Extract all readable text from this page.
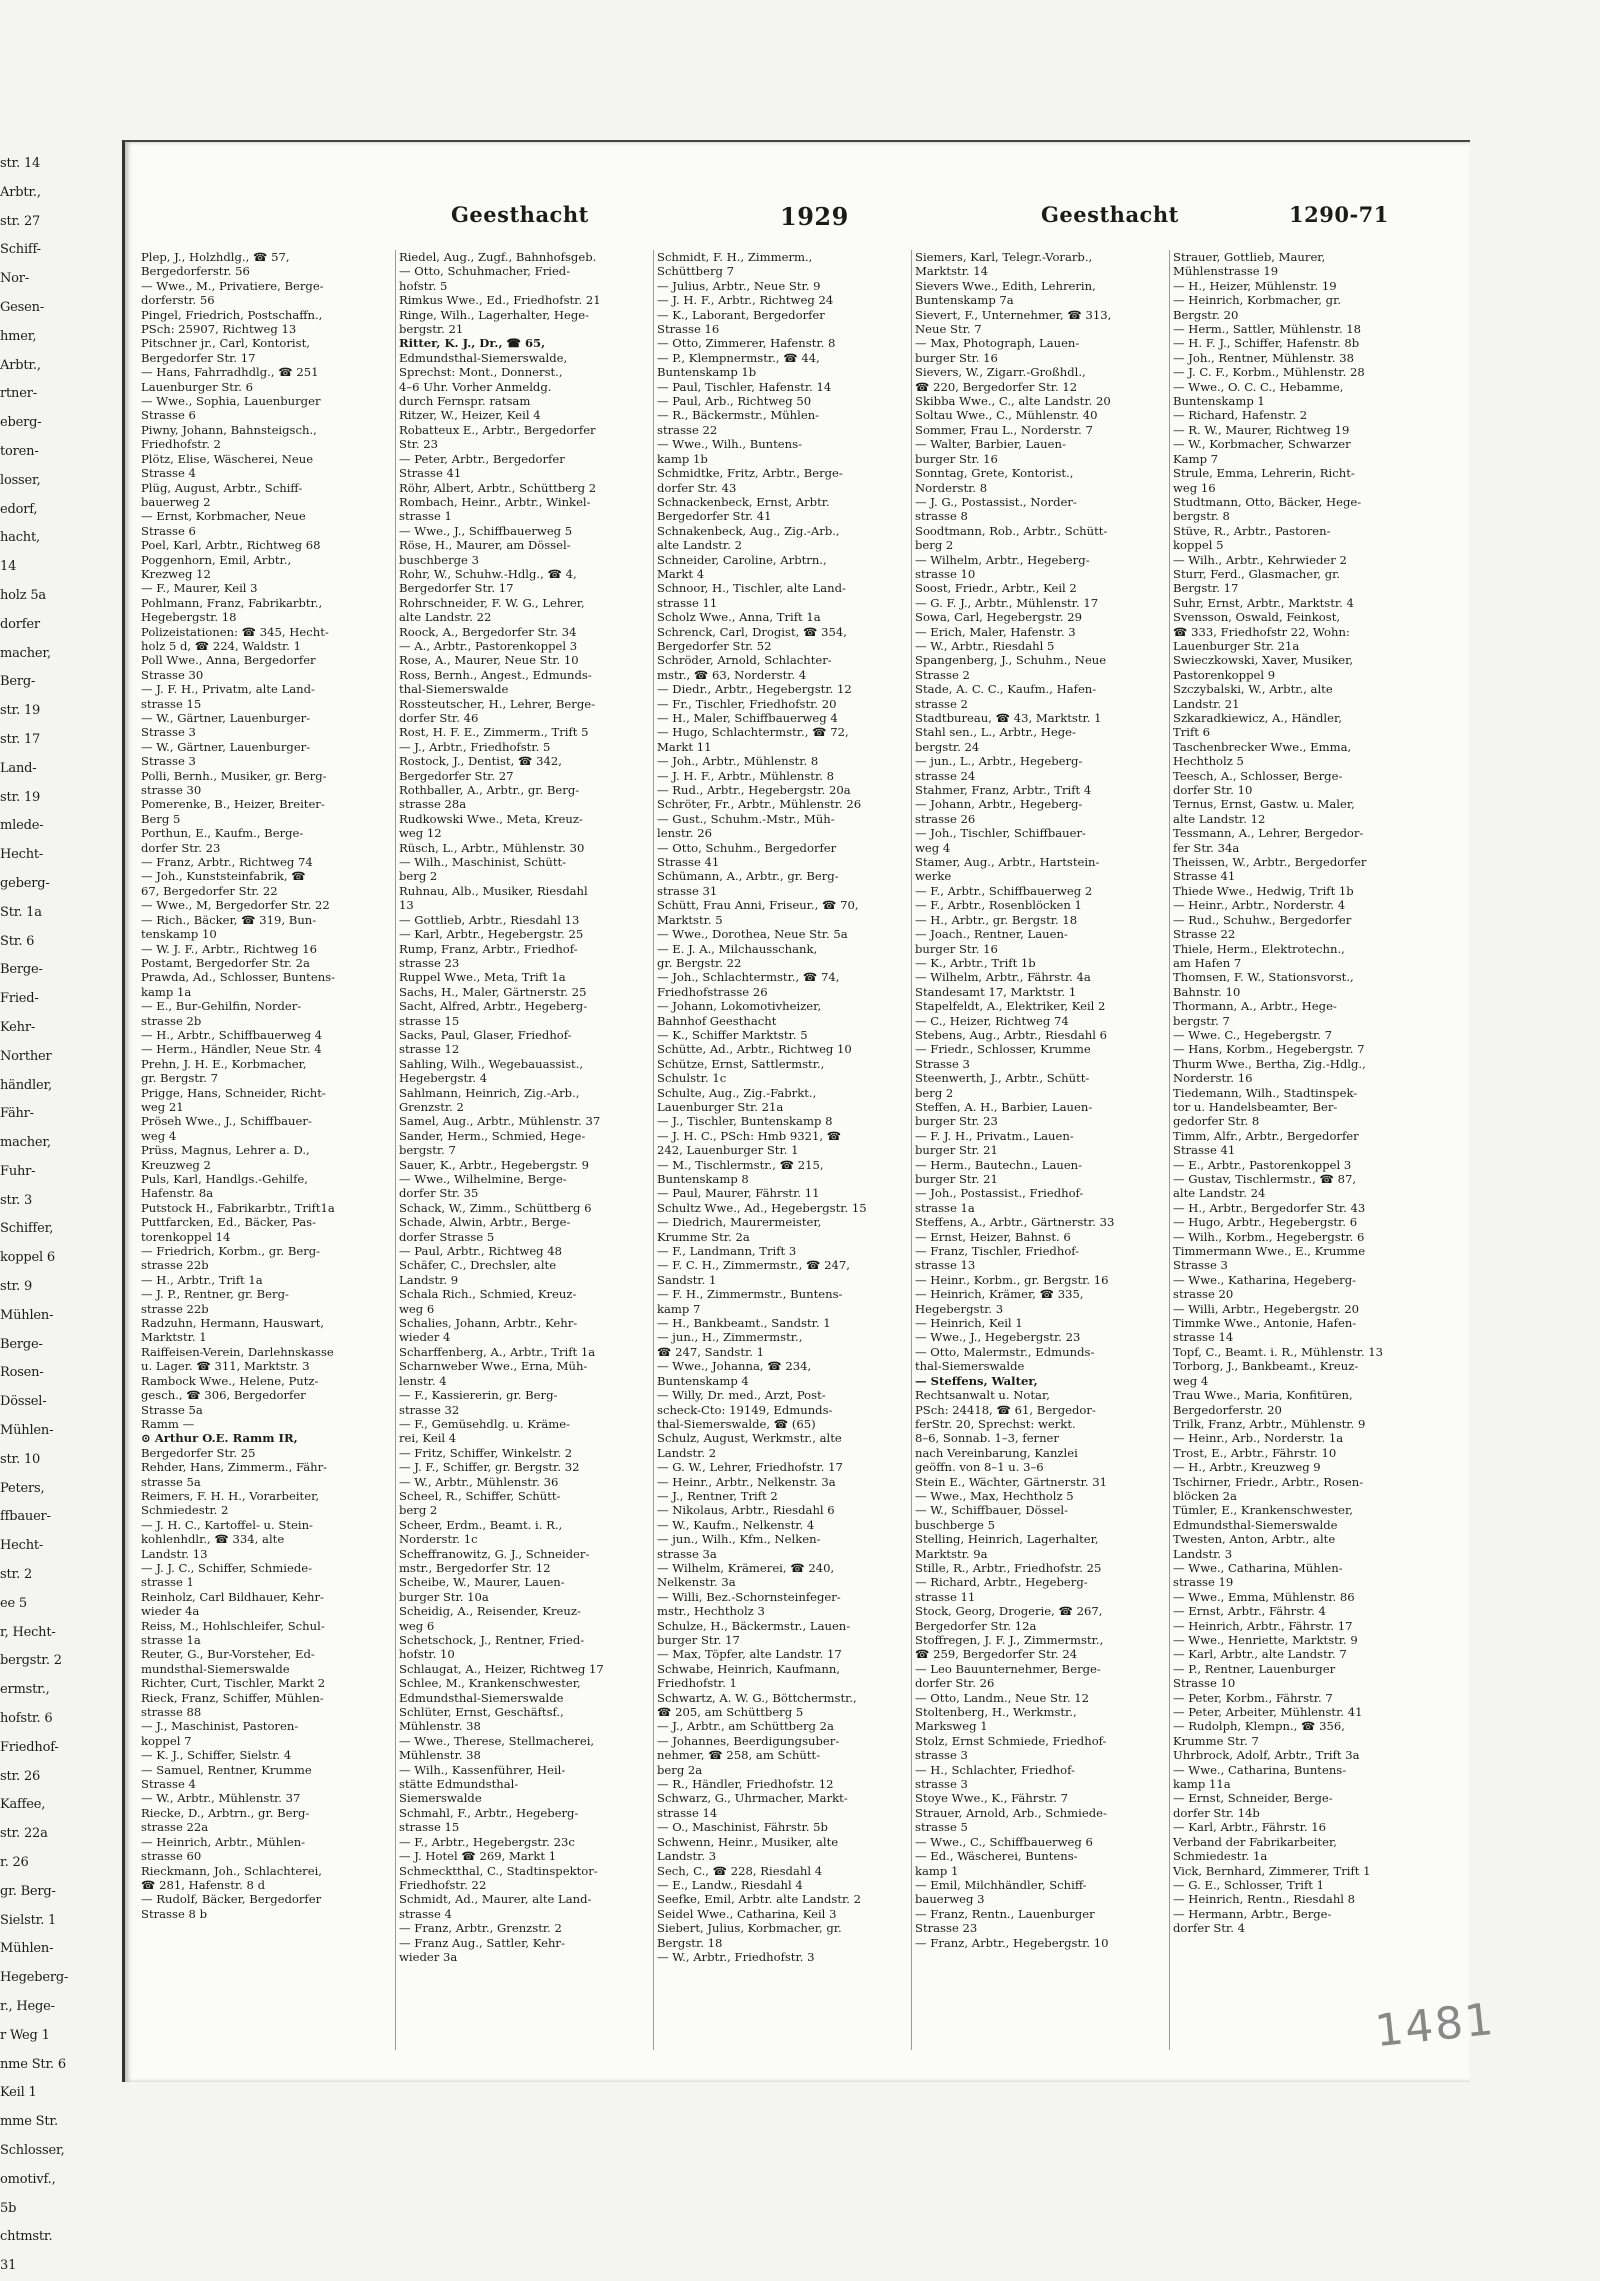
str. 14
Arbtr.,
str. 27
Schiff-
Nor-
Gesen-
hmer,
Arbtr.,
rtner-
eberg-
toren-
losser,
edorf,
hacht,
14
holz 5a
dorfer
macher,
Berg-
str. 19
str. 17
Land-
str. 19
mlede-
Hecht-
geberg-
Str. 1a
Str. 6
Berge-
Fried-
Kehr-
Norther
händler,
Fähr-
macher,
Fuhr-
str. 3
Schiffer,
koppel 6
str. 9
Mühlen-
Berge-
Rosen-
Dössel-
Mühlen-
str. 10
Peters,
ffbauer-
Hecht-
str. 2
ee 5
r, Hecht-
bergstr. 2
ermstr.,
hofstr. 6
Friedhof-
str. 26
Kaffee,
str. 22a
r. 26
gr. Berg-
Sielstr. 1
Mühlen-
Hegeberg-
r., Hege-
r Weg 1
nme Str. 6
Keil 1
mme Str.
Schlosser,
omotivf.,
5b
chtmstr.
31
Geesthacht	1929	Geesthacht	1290-71
Plep, J., Holzhdlg., ☎ 57,
Bergedorferstr. 56
— Wwe., M., Privatiere, Berge-
dorferstr. 56
Pingel, Friedrich, Postschaffn.,
PSch: 25907, Richtweg 13
Pitschner jr., Carl, Kontorist,
Bergedorfer Str. 17
— Hans, Fahrradhdlg., ☎ 251
Lauenburger Str. 6
— Wwe., Sophia, Lauenburger
Strasse 6
Piwny, Johann, Bahnsteigsch.,
Friedhofstr. 2
Plötz, Elise, Wäscherei, Neue
Strasse 4
Plüg, August, Arbtr., Schiff-
bauerweg 2
— Ernst, Korbmacher, Neue
Strasse 6
Poel, Karl, Arbtr., Richtweg 68
Poggenhorn, Emil, Arbtr.,
Krezweg 12
— F., Maurer, Keil 3
Pohlmann, Franz, Fabrikarbtr.,
Hegebergstr. 18
Polizeistationen: ☎ 345, Hecht-
holz 5 d, ☎ 224, Waldstr. 1
Poll Wwe., Anna, Bergedorfer
Strasse 30
— J. F. H., Privatm, alte Land-
strasse 15
— W., Gärtner, Lauenburger-
Strasse 3
— W., Gärtner, Lauenburger-
Strasse 3
Polli, Bernh., Musiker, gr. Berg-
strasse 30
Pomerenke, B., Heizer, Breiter-
Berg 5
Porthun, E., Kaufm., Berge-
dorfer Str. 23
— Franz, Arbtr., Richtweg 74
— Joh., Kunststeinfabrik, ☎
67, Bergedorfer Str. 22
— Wwe., M, Bergedorfer Str. 22
— Rich., Bäcker, ☎ 319, Bun-
tenskamp 10
— W. J. F., Arbtr., Richtweg 16
Postamt, Bergedorfer Str. 2a
Prawda, Ad., Schlosser, Buntens-
kamp 1a
— E., Bur-Gehilfin, Norder-
strasse 2b
— H., Arbtr., Schiffbauerweg 4
— Herm., Händler, Neue Str. 4
Prehn, J. H. E., Korbmacher,
gr. Bergstr. 7
Prigge, Hans, Schneider, Richt-
weg 21
Pröseh Wwe., J., Schiffbauer-
weg 4
Prüss, Magnus, Lehrer a. D.,
Kreuzweg 2
Puls, Karl, Handlgs.-Gehilfe,
Hafenstr. 8a
Putstock H., Fabrikarbtr., Trift1a
Puttfarcken, Ed., Bäcker, Pas-
torenkoppel 14
— Friedrich, Korbm., gr. Berg-
strasse 22b
— H., Arbtr., Trift 1a
— J. P., Rentner, gr. Berg-
strasse 22b
Radzuhn, Hermann, Hauswart,
Marktstr. 1
Raiffeisen-Verein, Darlehnskasse
u. Lager. ☎ 311, Marktstr. 3
Rambock Wwe., Helene, Putz-
gesch., ☎ 306, Bergedorfer
Strasse 5a
Ramm —
⊙ Arthur O.E. Ramm IR,
Bergedorfer Str. 25
Rehder, Hans, Zimmerm., Fähr-
strasse 5a
Reimers, F. H. H., Vorarbeiter,
Schmiedestr. 2
— J. H. C., Kartoffel- u. Stein-
kohlenhdlr., ☎ 334, alte
Landstr. 13
— J. J. C., Schiffer, Schmiede-
strasse 1
Reinholz, Carl Bildhauer, Kehr-
wieder 4a
Reiss, M., Hohlschleifer, Schul-
strasse 1a
Reuter, G., Bur-Vorsteher, Ed-
mundsthal-Siemerswalde
Richter, Curt, Tischler, Markt 2
Rieck, Franz, Schiffer, Mühlen-
strasse 88
— J., Maschinist, Pastoren-
koppel 7
— K. J., Schiffer, Sielstr. 4
— Samuel, Rentner, Krumme
Strasse 4
— W., Arbtr., Mühlenstr. 37
Riecke, D., Arbtrn., gr. Berg-
strasse 22a
— Heinrich, Arbtr., Mühlen-
strasse 60
Rieckmann, Joh., Schlachterei,
☎ 281, Hafenstr. 8 d
— Rudolf, Bäcker, Bergedorfer
Strasse 8 b
Riedel, Aug., Zugf., Bahnhofsgeb.
— Otto, Schuhmacher, Fried-
hofstr. 5
Rimkus Wwe., Ed., Friedhofstr. 21
Ringe, Wilh., Lagerhalter, Hege-
bergstr. 21
Ritter, K. J., Dr., ☎ 65,
Edmundsthal-Siemerswalde,
Sprechst: Mont., Donnerst.,
4–6 Uhr. Vorher Anmeldg.
durch Fernspr. ratsam
Ritzer, W., Heizer, Keil 4
Robatteux E., Arbtr., Bergedorfer
Str. 23
— Peter, Arbtr., Bergedorfer
Strasse 41
Röhr, Albert, Arbtr., Schüttberg 2
Rombach, Heinr., Arbtr., Winkel-
strasse 1
— Wwe., J., Schiffbauerweg 5
Röse, H., Maurer, am Dössel-
buschberge 3
Rohr, W., Schuhw.-Hdlg., ☎ 4,
Bergedorfer Str. 17
Rohrschneider, F. W. G., Lehrer,
alte Landstr. 22
Roock, A., Bergedorfer Str. 34
— A., Arbtr., Pastorenkoppel 3
Rose, A., Maurer, Neue Str. 10
Ross, Bernh., Angest., Edmunds-
thal-Siemerswalde
Rossteutscher, H., Lehrer, Berge-
dorfer Str. 46
Rost, H. F. E., Zimmerm., Trift 5
— J., Arbtr., Friedhofstr. 5
Rostock, J., Dentist, ☎ 342,
Bergedorfer Str. 27
Rothballer, A., Arbtr., gr. Berg-
strasse 28a
Rudkowski Wwe., Meta, Kreuz-
weg 12
Rüsch, L., Arbtr., Mühlenstr. 30
— Wilh., Maschinist, Schütt-
berg 2
Ruhnau, Alb., Musiker, Riesdahl
13
— Gottlieb, Arbtr., Riesdahl 13
— Karl, Arbtr., Hegebergstr. 25
Rump, Franz, Arbtr., Friedhof-
strasse 23
Ruppel Wwe., Meta, Trift 1a
Sachs, H., Maler, Gärtnerstr. 25
Sacht, Alfred, Arbtr., Hegeberg-
strasse 15
Sacks, Paul, Glaser, Friedhof-
strasse 12
Sahling, Wilh., Wegebauassist.,
Hegebergstr. 4
Sahlmann, Heinrich, Zig.-Arb.,
Grenzstr. 2
Samel, Aug., Arbtr., Mühlenstr. 37
Sander, Herm., Schmied, Hege-
bergstr. 7
Sauer, K., Arbtr., Hegebergstr. 9
— Wwe., Wilhelmine, Berge-
dorfer Str. 35
Schack, W., Zimm., Schüttberg 6
Schade, Alwin, Arbtr., Berge-
dorfer Strasse 5
— Paul, Arbtr., Richtweg 48
Schäfer, C., Drechsler, alte
Landstr. 9
Schala Rich., Schmied, Kreuz-
weg 6
Schalies, Johann, Arbtr., Kehr-
wieder 4
Scharffenberg, A., Arbtr., Trift 1a
Scharnweber Wwe., Erna, Müh-
lenstr. 4
— F., Kassiererin, gr. Berg-
strasse 32
— F., Gemüsehdlg. u. Kräme-
rei, Keil 4
— Fritz, Schiffer, Winkelstr. 2
— J. F., Schiffer, gr. Bergstr. 32
— W., Arbtr., Mühlenstr. 36
Scheel, R., Schiffer, Schütt-
berg 2
Scheer, Erdm., Beamt. i. R.,
Norderstr. 1c
Scheffranowitz, G. J., Schneider-
mstr., Bergedorfer Str. 12
Scheibe, W., Maurer, Lauen-
burger Str. 10a
Scheidig, A., Reisender, Kreuz-
weg 6
Schetschock, J., Rentner, Fried-
hofstr. 10
Schlaugat, A., Heizer, Richtweg 17
Schlee, M., Krankenschwester,
Edmundsthal-Siemerswalde
Schlüter, Ernst, Geschäftsf.,
Mühlenstr. 38
— Wwe., Therese, Stellmacherei,
Mühlenstr. 38
— Wilh., Kassenführer, Heil-
stätte Edmundsthal-
Siemerswalde
Schmahl, F., Arbtr., Hegeberg-
strasse 15
— F., Arbtr., Hegebergstr. 23c
— J. Hotel ☎ 269, Markt 1
Schmecktthal, C., Stadtinspektor-
Friedhofstr. 22
Schmidt, Ad., Maurer, alte Land-
strasse 4
— Franz, Arbtr., Grenzstr. 2
— Franz Aug., Sattler, Kehr-
wieder 3a
Schmidt, F. H., Zimmerm.,
Schüttberg 7
— Julius, Arbtr., Neue Str. 9
— J. H. F., Arbtr., Richtweg 24
— K., Laborant, Bergedorfer
Strasse 16
— Otto, Zimmerer, Hafenstr. 8
— P., Klempnermstr., ☎ 44,
Buntenskamp 1b
— Paul, Tischler, Hafenstr. 14
— Paul, Arb., Richtweg 50
— R., Bäckermstr., Mühlen-
strasse 22
— Wwe., Wilh., Buntens-
kamp 1b
Schmidtke, Fritz, Arbtr., Berge-
dorfer Str. 43
Schnackenbeck, Ernst, Arbtr.
Bergedorfer Str. 41
Schnakenbeck, Aug., Zig.-Arb.,
alte Landstr. 2
Schneider, Caroline, Arbtrn.,
Markt 4
Schnoor, H., Tischler, alte Land-
strasse 11
Scholz Wwe., Anna, Trift 1a
Schrenck, Carl, Drogist, ☎ 354,
Bergedorfer Str. 52
Schröder, Arnold, Schlachter-
mstr., ☎ 63, Norderstr. 4
— Diedr., Arbtr., Hegebergstr. 12
— Fr., Tischler, Friedhofstr. 20
— H., Maler, Schiffbauerweg 4
— Hugo, Schlachtermstr., ☎ 72,
Markt 11
— Joh., Arbtr., Mühlenstr. 8
— J. H. F., Arbtr., Mühlenstr. 8
— Rud., Arbtr., Hegebergstr. 20a
Schröter, Fr., Arbtr., Mühlenstr. 26
— Gust., Schuhm.-Mstr., Müh-
lenstr. 26
— Otto, Schuhm., Bergedorfer
Strasse 41
Schümann, A., Arbtr., gr. Berg-
strasse 31
Schütt, Frau Anni, Friseur., ☎ 70,
Marktstr. 5
— Wwe., Dorothea, Neue Str. 5a
— E. J. A., Milchausschank,
gr. Bergstr. 22
— Joh., Schlachtermstr., ☎ 74,
Friedhofstrasse 26
— Johann, Lokomotivheizer,
Bahnhof Geesthacht
— K., Schiffer Marktstr. 5
Schütte, Ad., Arbtr., Richtweg 10
Schütze, Ernst, Sattlermstr.,
Schulstr. 1c
Schulte, Aug., Zig.-Fabrkt.,
Lauenburger Str. 21a
— J., Tischler, Buntenskamp 8
— J. H. C., PSch: Hmb 9321, ☎
242, Lauenburger Str. 1
— M., Tischlermstr., ☎ 215,
Buntenskamp 8
— Paul, Maurer, Fährstr. 11
Schultz Wwe., Ad., Hegebergstr. 15
— Diedrich, Maurermeister,
Krumme Str. 2a
— F., Landmann, Trift 3
— F. C. H., Zimmermstr., ☎ 247,
Sandstr. 1
— F. H., Zimmermstr., Buntens-
kamp 7
— H., Bankbeamt., Sandstr. 1
— jun., H., Zimmermstr.,
☎ 247, Sandstr. 1
— Wwe., Johanna, ☎ 234,
Buntenskamp 4
— Willy, Dr. med., Arzt, Post-
scheck-Cto: 19149, Edmunds-
thal-Siemerswalde, ☎ (65)
Schulz, August, Werkmstr., alte
Landstr. 2
— G. W., Lehrer, Friedhofstr. 17
— Heinr., Arbtr., Nelkenstr. 3a
— J., Rentner, Trift 2
— Nikolaus, Arbtr., Riesdahl 6
— W., Kaufm., Nelkenstr. 4
— jun., Wilh., Kfm., Nelken-
strasse 3a
— Wilhelm, Krämerei, ☎ 240,
Nelkenstr. 3a
— Willi, Bez.-Schornsteinfeger-
mstr., Hechtholz 3
Schulze, H., Bäckermstr., Lauen-
burger Str. 17
— Max, Töpfer, alte Landstr. 17
Schwabe, Heinrich, Kaufmann,
Friedhofstr. 1
Schwartz, A. W. G., Böttchermstr.,
☎ 205, am Schüttberg 5
— J., Arbtr., am Schüttberg 2a
— Johannes, Beerdigungsuber-
nehmer, ☎ 258, am Schütt-
berg 2a
— R., Händler, Friedhofstr. 12
Schwarz, G., Uhrmacher, Markt-
strasse 14
— O., Maschinist, Fährstr. 5b
Schwenn, Heinr., Musiker, alte
Landstr. 3
Sech, C., ☎ 228, Riesdahl 4
— E., Landw., Riesdahl 4
Seefke, Emil, Arbtr. alte Landstr. 2
Seidel Wwe., Catharina, Keil 3
Siebert, Julius, Korbmacher, gr.
Bergstr. 18
— W., Arbtr., Friedhofstr. 3
Siemers, Karl, Telegr.-Vorarb.,
Marktstr. 14
Sievers Wwe., Edith, Lehrerin,
Buntenskamp 7a
Sievert, F., Unternehmer, ☎ 313,
Neue Str. 7
— Max, Photograph, Lauen-
burger Str. 16
Sievers, W., Zigarr.-Großhdl.,
☎ 220, Bergedorfer Str. 12
Skibba Wwe., C., alte Landstr. 20
Soltau Wwe., C., Mühlenstr. 40
Sommer, Frau L., Norderstr. 7
— Walter, Barbier, Lauen-
burger Str. 16
Sonntag, Grete, Kontorist.,
Norderstr. 8
— J. G., Postassist., Norder-
strasse 8
Soodtmann, Rob., Arbtr., Schütt-
berg 2
— Wilhelm, Arbtr., Hegeberg-
strasse 10
Soost, Friedr., Arbtr., Keil 2
— G. F. J., Arbtr., Mühlenstr. 17
Sowa, Carl, Hegebergstr. 29
— Erich, Maler, Hafenstr. 3
— W., Arbtr., Riesdahl 5
Spangenberg, J., Schuhm., Neue
Strasse 2
Stade, A. C. C., Kaufm., Hafen-
strasse 2
Stadtbureau, ☎ 43, Marktstr. 1
Stahl sen., L., Arbtr., Hege-
bergstr. 24
— jun., L., Arbtr., Hegeberg-
strasse 24
Stahmer, Franz, Arbtr., Trift 4
— Johann, Arbtr., Hegeberg-
strasse 26
— Joh., Tischler, Schiffbauer-
weg 4
Stamer, Aug., Arbtr., Hartstein-
werke
— F., Arbtr., Schiffbauerweg 2
— F., Arbtr., Rosenblöcken 1
— H., Arbtr., gr. Bergstr. 18
— Joach., Rentner, Lauen-
burger Str. 16
— K., Arbtr., Trift 1b
— Wilhelm, Arbtr., Fährstr. 4a
Standesamt 17, Marktstr. 1
Stapelfeldt, A., Elektriker, Keil 2
— C., Heizer, Richtweg 74
Stebens, Aug., Arbtr., Riesdahl 6
— Friedr., Schlosser, Krumme
Strasse 3
Steenwerth, J., Arbtr., Schütt-
berg 2
Steffen, A. H., Barbier, Lauen-
burger Str. 23
— F. J. H., Privatm., Lauen-
burger Str. 21
— Herm., Bautechn., Lauen-
burger Str. 21
— Joh., Postassist., Friedhof-
strasse 1a
Steffens, A., Arbtr., Gärtnerstr. 33
— Ernst, Heizer, Bahnst. 6
— Franz, Tischler, Friedhof-
strasse 13
— Heinr., Korbm., gr. Bergstr. 16
— Heinrich, Krämer, ☎ 335,
Hegebergstr. 3
— Heinrich, Keil 1
— Wwe., J., Hegebergstr. 23
— Otto, Malermstr., Edmunds-
thal-Siemerswalde
— Steffens, Walter,
Rechtsanwalt u. Notar,
PSch: 24418, ☎ 61, Bergedor-
ferStr. 20, Sprechst: werkt.
8–6, Sonnab. 1–3, ferner
nach Vereinbarung, Kanzlei
geöffn. von 8–1 u. 3–6
Stein E., Wächter, Gärtnerstr. 31
— Wwe., Max, Hechtholz 5
— W., Schiffbauer, Dössel-
buschberge 5
Stelling, Heinrich, Lagerhalter,
Marktstr. 9a
Stille, R., Arbtr., Friedhofstr. 25
— Richard, Arbtr., Hegeberg-
strasse 11
Stock, Georg, Drogerie, ☎ 267,
Bergedorfer Str. 12a
Stoffregen, J. F. J., Zimmermstr.,
☎ 259, Bergedorfer Str. 24
— Leo Bauunternehmer, Berge-
dorfer Str. 26
— Otto, Landm., Neue Str. 12
Stoltenberg, H., Werkmstr.,
Marksweg 1
Stolz, Ernst Schmiede, Friedhof-
strasse 3
— H., Schlachter, Friedhof-
strasse 3
Stoye Wwe., K., Fährstr. 7
Strauer, Arnold, Arb., Schmiede-
strasse 5
— Wwe., C., Schiffbauerweg 6
— Ed., Wäscherei, Buntens-
kamp 1
— Emil, Milchhändler, Schiff-
bauerweg 3
— Franz, Rentn., Lauenburger
Strasse 23
— Franz, Arbtr., Hegebergstr. 10
Strauer, Gottlieb, Maurer,
Mühlenstrasse 19
— H., Heizer, Mühlenstr. 19
— Heinrich, Korbmacher, gr.
Bergstr. 20
— Herm., Sattler, Mühlenstr. 18
— H. F. J., Schiffer, Hafenstr. 8b
— Joh., Rentner, Mühlenstr. 38
— J. C. F., Korbm., Mühlenstr. 28
— Wwe., O. C. C., Hebamme,
Buntenskamp 1
— Richard, Hafenstr. 2
— R. W., Maurer, Richtweg 19
— W., Korbmacher, Schwarzer
Kamp 7
Strule, Emma, Lehrerin, Richt-
weg 16
Studtmann, Otto, Bäcker, Hege-
bergstr. 8
Stüve, R., Arbtr., Pastoren-
koppel 5
— Wilh., Arbtr., Kehrwieder 2
Sturr, Ferd., Glasmacher, gr.
Bergstr. 17
Suhr, Ernst, Arbtr., Marktstr. 4
Svensson, Oswald, Feinkost,
☎ 333, Friedhofstr 22, Wohn:
Lauenburger Str. 21a
Swieczkowski, Xaver, Musiker,
Pastorenkoppel 9
Szczybalski, W., Arbtr., alte
Landstr. 21
Szkaradkiewicz, A., Händler,
Trift 6
Taschenbrecker Wwe., Emma,
Hechtholz 5
Teesch, A., Schlosser, Berge-
dorfer Str. 10
Ternus, Ernst, Gastw. u. Maler,
alte Landstr. 12
Tessmann, A., Lehrer, Bergedor-
fer Str. 34a
Theissen, W., Arbtr., Bergedorfer
Strasse 41
Thiede Wwe., Hedwig, Trift 1b
— Heinr., Arbtr., Norderstr. 4
— Rud., Schuhw., Bergedorfer
Strasse 22
Thiele, Herm., Elektrotechn.,
am Hafen 7
Thomsen, F. W., Stationsvorst.,
Bahnstr. 10
Thormann, A., Arbtr., Hege-
bergstr. 7
— Wwe. C., Hegebergstr. 7
— Hans, Korbm., Hegebergstr. 7
Thurm Wwe., Bertha, Zig.-Hdlg.,
Norderstr. 16
Tiedemann, Wilh., Stadtinspek-
tor u. Handelsbeamter, Ber-
gedorfer Str. 8
Timm, Alfr., Arbtr., Bergedorfer
Strasse 41
— E., Arbtr., Pastorenkoppel 3
— Gustav, Tischlermstr., ☎ 87,
alte Landstr. 24
— H., Arbtr., Bergedorfer Str. 43
— Hugo, Arbtr., Hegebergstr. 6
— Wilh., Korbm., Hegebergstr. 6
Timmermann Wwe., E., Krumme
Strasse 3
— Wwe., Katharina, Hegeberg-
strasse 20
— Willi, Arbtr., Hegebergstr. 20
Timmke Wwe., Antonie, Hafen-
strasse 14
Topf, C., Beamt. i. R., Mühlenstr. 13
Torborg, J., Bankbeamt., Kreuz-
weg 4
Trau Wwe., Maria, Konfitüren,
Bergedorferstr. 20
Trilk, Franz, Arbtr., Mühlenstr. 9
— Heinr., Arb., Norderstr. 1a
Trost, E., Arbtr., Fährstr. 10
— H., Arbtr., Kreuzweg 9
Tschirner, Friedr., Arbtr., Rosen-
blöcken 2a
Tümler, E., Krankenschwester,
Edmundsthal-Siemerswalde
Twesten, Anton, Arbtr., alte
Landstr. 3
— Wwe., Catharina, Mühlen-
strasse 19
— Wwe., Emma, Mühlenstr. 86
— Ernst, Arbtr., Fährstr. 4
— Heinrich, Arbtr., Fährstr. 17
— Wwe., Henriette, Marktstr. 9
— Karl, Arbtr., alte Landstr. 7
— P., Rentner, Lauenburger
Strasse 10
— Peter, Korbm., Fährstr. 7
— Peter, Arbeiter, Mühlenstr. 41
— Rudolph, Klempn., ☎ 356,
Krumme Str. 7
Uhrbrock, Adolf, Arbtr., Trift 3a
— Wwe., Catharina, Buntens-
kamp 11a
— Ernst, Schneider, Berge-
dorfer Str. 14b
— Karl, Arbtr., Fährstr. 16
Verband der Fabrikarbeiter,
Schmiedestr. 1a
Vick, Bernhard, Zimmerer, Trift 1
— G. E., Schlosser, Trift 1
— Heinrich, Rentn., Riesdahl 8
— Hermann, Arbtr., Berge-
dorfer Str. 4
1481
